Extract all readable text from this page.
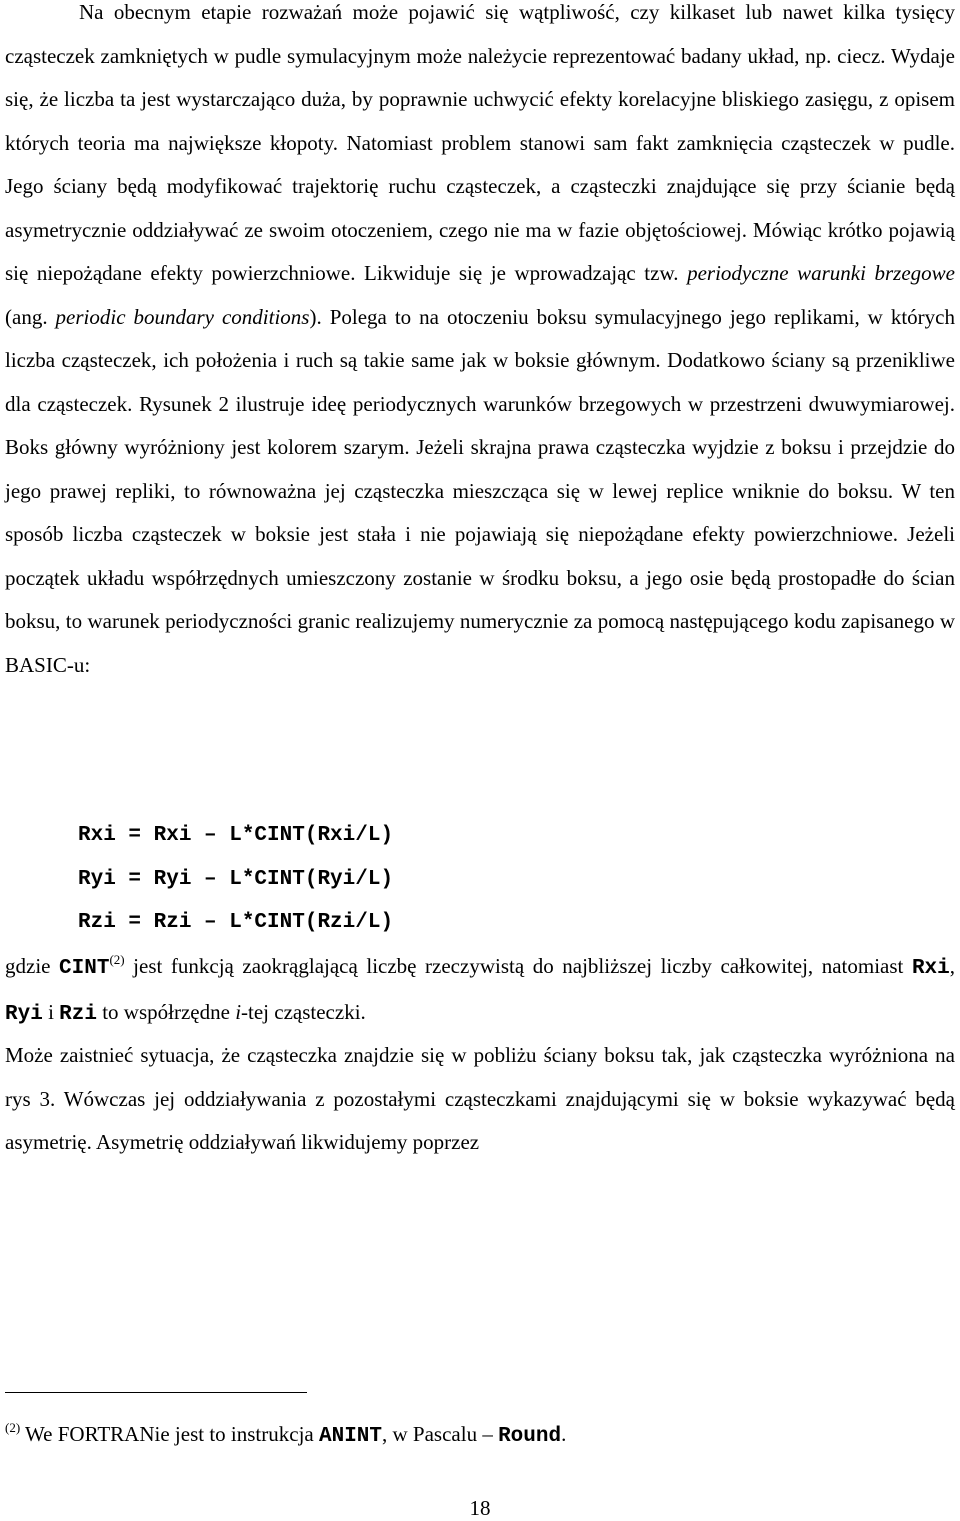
Na obecnym etapie rozważań może pojawić się wątpliwość, czy kilkaset lub nawet kilka tysięcy cząsteczek zamkniętych w pudle symulacyjnym może należycie reprezentować badany układ, np. ciecz. Wydaje się, że liczba ta jest wystarczająco duża, by poprawnie uchwycić efekty korelacyjne bliskiego zasięgu, z opisem których teoria ma największe kłopoty. Natomiast problem stanowi sam fakt zamknięcia cząsteczek w pudle. Jego ściany będą modyfikować trajektorię ruchu cząsteczek, a cząsteczki znajdujące się przy ścianie będą asymetrycznie oddziaływać ze swoim otoczeniem, czego nie ma w fazie objętościowej. Mówiąc krótko pojawią się niepożądane efekty powierzchniowe. Likwiduje się je wprowadzając tzw. periodyczne warunki brzegowe (ang. periodic boundary conditions). Polega to na otoczeniu boksu symulacyjnego jego replikami, w których liczba cząsteczek, ich położenia i ruch są takie same jak w boksie głównym. Dodatkowo ściany są przenikliwe dla cząsteczek. Rysunek 2 ilustruje ideę periodycznych warunków brzegowych w przestrzeni dwuwymiarowej. Boks główny wyróżniony jest kolorem szarym. Jeżeli skrajna prawa cząsteczka wyjdzie z boksu i przejdzie do jego prawej repliki, to równoważna jej cząsteczka mieszcząca się w lewej replice wniknie do boksu. W ten sposób liczba cząsteczek w boksie jest stała i nie pojawiają się niepożądane efekty powierzchniowe. Jeżeli początek układu współrzędnych umieszczony zostanie w środku boksu, a jego osie będą prostopadłe do ścian boksu, to warunek periodyczności granic realizujemy numerycznie za pomocą następującego kodu zapisanego w BASIC-u:

Rxi = Rxi – L*CINT(Rxi/L)
Ryi = Ryi – L*CINT(Ryi/L)
Rzi = Rzi – L*CINT(Rzi/L)

gdzie CINT$^{(2)}$ jest funkcją zaokrąglającą liczbę rzeczywistą do najbliższej liczby całkowitej, natomiast Rxi, Ryi i Rzi to współrzędne i-tej cząsteczki.

Może zaistnieć sytuacja, że cząsteczka znajdzie się w pobliżu ściany boksu tak, jak cząsteczka wyróżniona na rys 3. Wówczas jej oddziaływania z pozostałymi cząsteczkami znajdującymi się w boksie wykazywać będą asymetrię. Asymetrię oddziaływań likwidujemy poprzez

$^{(2)}$ We FORTRANie jest to instrukcja ANINT, w Pascalu – Round.

18
